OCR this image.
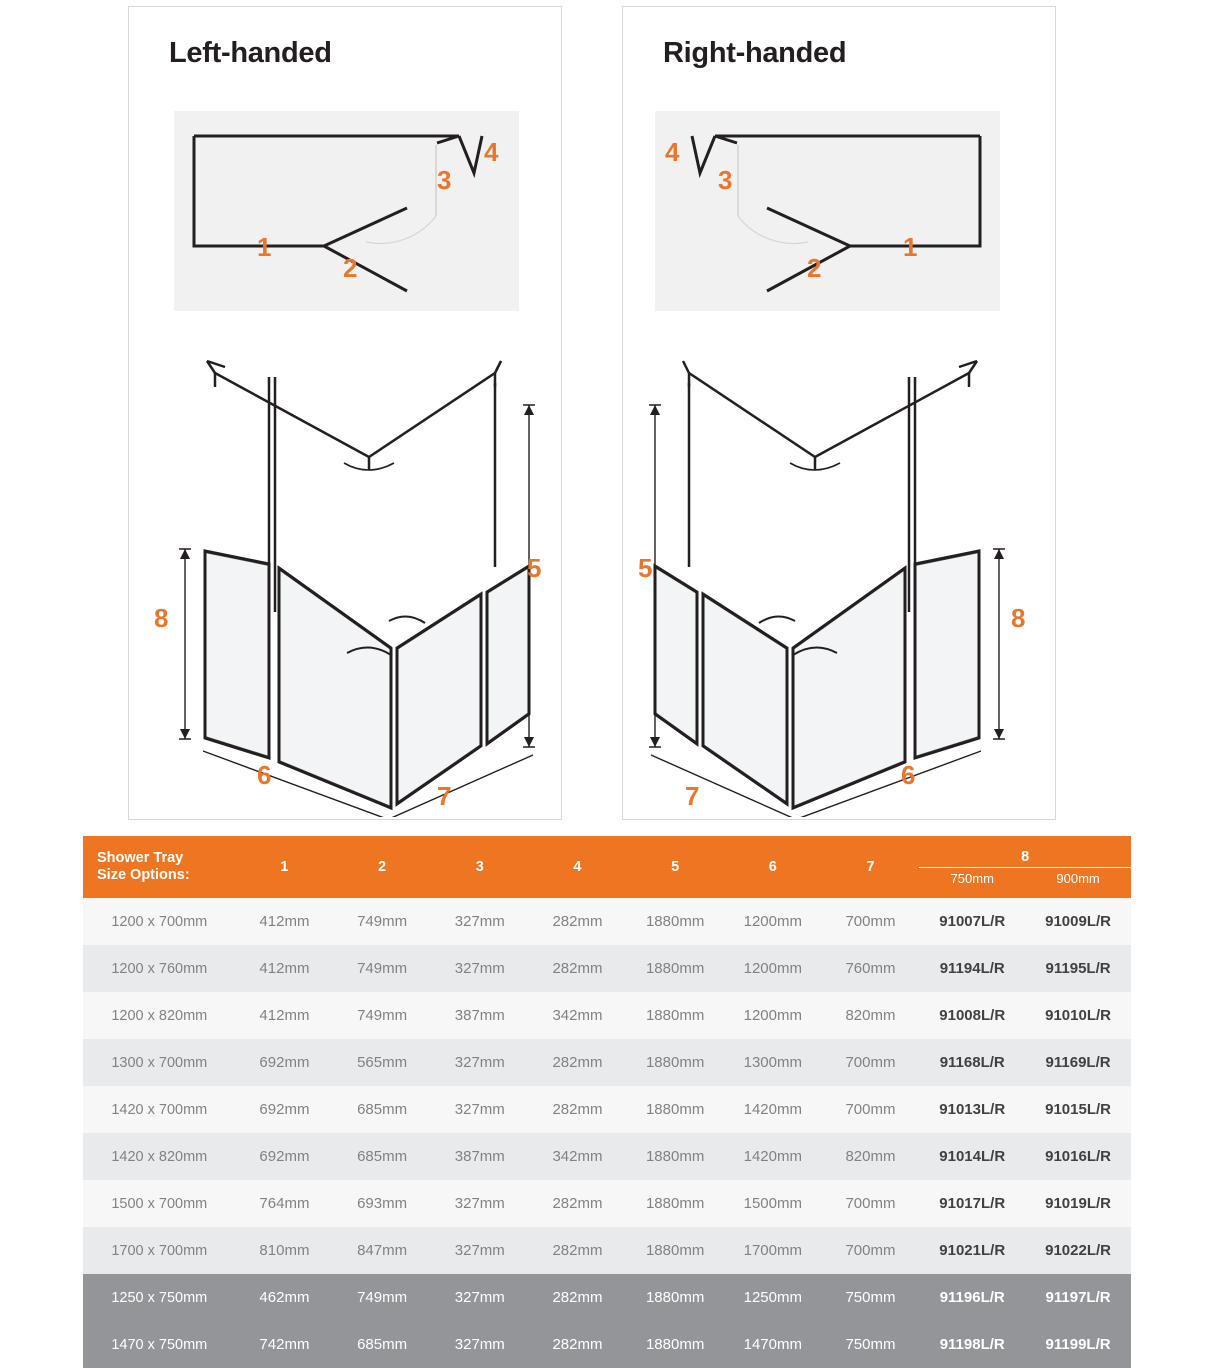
Left-handed
1
2
3
4
8
5
6
7
Right-handed
1
2
3
4
8
5
6
7
Shower Tray
Size Options:	1	2	3	4	5	6	7	
8
750mm	900mm

1200 x 700mm	412mm	749mm	327mm	282mm	1880mm	1200mm	700mm	91007L/R	91009L/R
1200 x 760mm	412mm	749mm	327mm	282mm	1880mm	1200mm	760mm	91194L/R	91195L/R
1200 x 820mm	412mm	749mm	387mm	342mm	1880mm	1200mm	820mm	91008L/R	91010L/R
1300 x 700mm	692mm	565mm	327mm	282mm	1880mm	1300mm	700mm	91168L/R	91169L/R
1420 x 700mm	692mm	685mm	327mm	282mm	1880mm	1420mm	700mm	91013L/R	91015L/R
1420 x 820mm	692mm	685mm	387mm	342mm	1880mm	1420mm	820mm	91014L/R	91016L/R
1500 x 700mm	764mm	693mm	327mm	282mm	1880mm	1500mm	700mm	91017L/R	91019L/R
1700 x 700mm	810mm	847mm	327mm	282mm	1880mm	1700mm	700mm	91021L/R	91022L/R
1250 x 750mm	462mm	749mm	327mm	282mm	1880mm	1250mm	750mm	91196L/R	91197L/R
1470 x 750mm	742mm	685mm	327mm	282mm	1880mm	1470mm	750mm	91198L/R	91199L/R
